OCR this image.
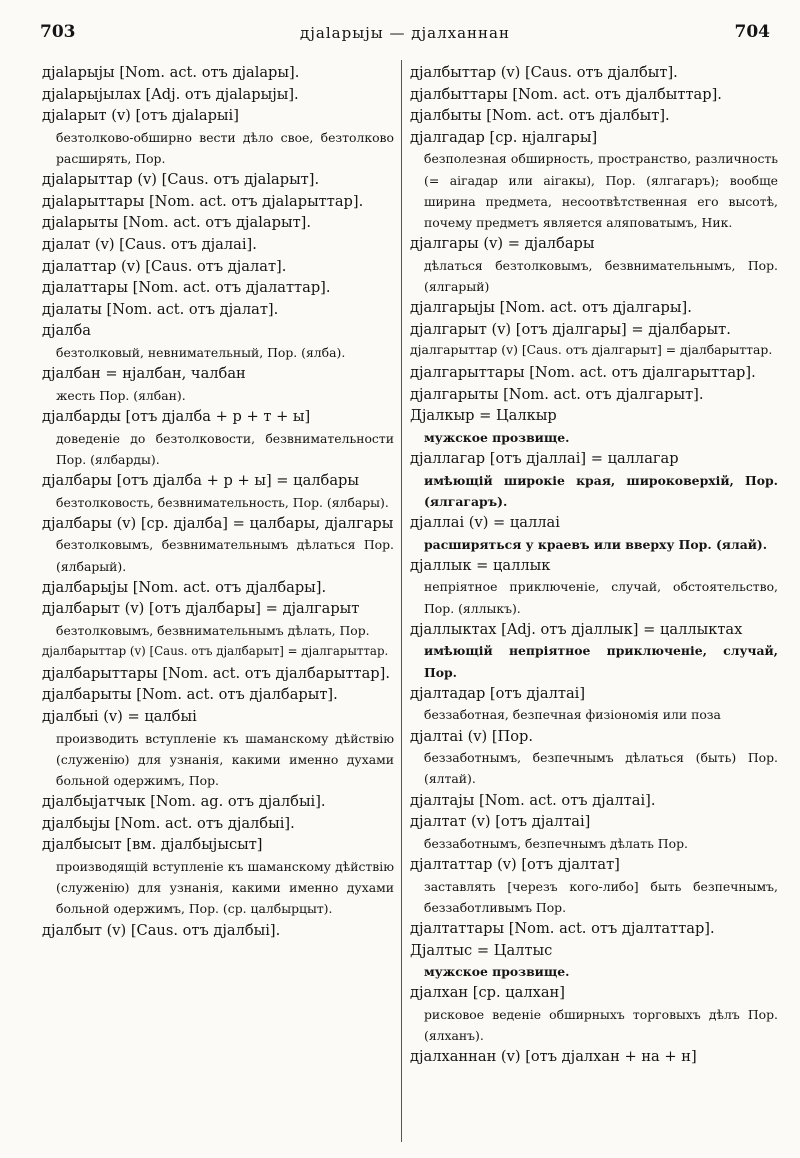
703	дјаlарыјы — дјалханнан	704
дјаlарыјы [Nom. act. отъ дјаlары].
дјаlарыјылах [Adj. отъ дјаlарыјы].
дјаlарыт (v) [отъ дјаlарыi]
безтолково-обширно вести дѣло свое, безтолково расширять, Пор.
дјаlарыттар (v) [Caus. отъ дјаlарыт].
дјаlарыттары [Nom. act. отъ дјаlарыттар].
дјаlарыты [Nom. act. отъ дјаlарыт].
дјалат (v) [Caus. отъ дјалаi].
дјалаттар (v) [Caus. отъ дјалат].
дјалаттары [Nom. act. отъ дјалаттар].
дјалаты [Nom. act. отъ дјалат].
дјалба
безтолковый, невнимательный, Пор. (ялба).
дјалбан = нјалбан, чалбан
жесть Пор. (ялбан).
дјалбарды [отъ дјалба + р + т + ы]
доведеніе до безтолковости, безвнимательности Пор. (ялбарды).
дјалбары [отъ дјалба + р + ы] = цалбары
безтолковость, безвнимательность, Пор. (ялбары).
дјалбары (v) [ср. дјалба] = цалбары, дјалгары
безтолковымъ, безвнимательнымъ дѣлаться Пор. (ялбарый).
дјалбарыјы [Nom. act. отъ дјалбары].
дјалбарыт (v) [отъ дјалбары] = дјалгарыт
безтолковымъ, безвнимательнымъ дѣлать, Пор.
дјалбарыттар (v) [Caus. отъ дјалбарыт] = дјалгарыттар.
дјалбарыттары [Nom. act. отъ дјалбарыттар].
дјалбарыты [Nom. act. отъ дјалбарыт].
дјалбыі (v) = цалбыі
производить вступленіе къ шаманскому дѣйствію (служенію) для узнанія, какими именно духами больной одержимъ, Пор.
дјалбыјатчык [Nom. ag. отъ дјалбыi].
дјалбыјы [Nom. act. отъ дјалбыi].
дјалбысыт [вм. дјалбыјысыт]
производящій вступленіе къ шаманскому дѣйствію (служенію) для узнанія, какими именно духами больной одержимъ, Пор. (ср. цалбырцыт).
дјалбыт (v) [Caus. отъ дјалбыi].
дјалбыттар (v) [Caus. отъ дјалбыт].
дјалбыттары [Nom. act. отъ дјалбыттар].
дјалбыты [Nom. act. отъ дјалбыт].
дјалгадар [ср. нјалгары]
безполезная обширность, пространство, различность (= аiгадар или аiгакы), Пор. (ялгагаръ); вообще ширина предмета, несоотвѣтственная его высотѣ, почему предметъ является аляповатымъ, Ник.
дјалгары (v) = дјалбары
дѣлаться безтолковымъ, безвнимательнымъ, Пор. (ялгарый)
дјалгарыјы [Nom. act. отъ дјалгары].
дјалгарыт (v) [отъ дјалгары] = дјалбарыт.
дјалгарыттар (v) [Caus. отъ дјалгарыт] = дјалбарыттар.
дјалгарыттары [Nom. act. отъ дјалгарыттар].
дјалгарыты [Nom. act. отъ дјалгарыт].
Дјалкыр = Цалкыр
мужское прозвище.
дјаллагар [отъ дјаллаi] = цаллагар
имѣющій широкіе края, широковерхій, Пор. (ялгагаръ).
дјаллаi (v) = цаллаi
расширяться у краевъ или вверху Пор. (ялай).
дјаллык = цаллык
непріятное приключеніе, случай, обстоятельство, Пор. (яллыкъ).
дјаллыктах [Adj. отъ дјаллык] = цаллыктах
имѣющій непріятное приключеніе, случай, Пор.
дјалтадар [отъ дјалтаi]
беззаботная, безпечная физіономія или поза
дјалтаi (v) [Пор.
беззаботнымъ, безпечнымъ дѣлаться (быть) Пор. (ялтай).
дјалтајы [Nom. act. отъ дјалтаi].
дјалтат (v) [отъ дјалтаi]
беззаботнымъ, безпечнымъ дѣлать Пор.
дјалтаттар (v) [отъ дјалтат]
заставлять [черезъ кого-либо] быть безпечнымъ, беззаботливымъ Пор.
дјалтаттары [Nom. act. отъ дјалтаттар].
Дјалтыс = Цалтыс
мужское прозвище.
дјалхан [ср. цалхан]
рисковое веденіе обширныхъ торговыхъ дѣлъ Пор. (ялханъ).
дјалханнан (v) [отъ дјалхан + на + н]
